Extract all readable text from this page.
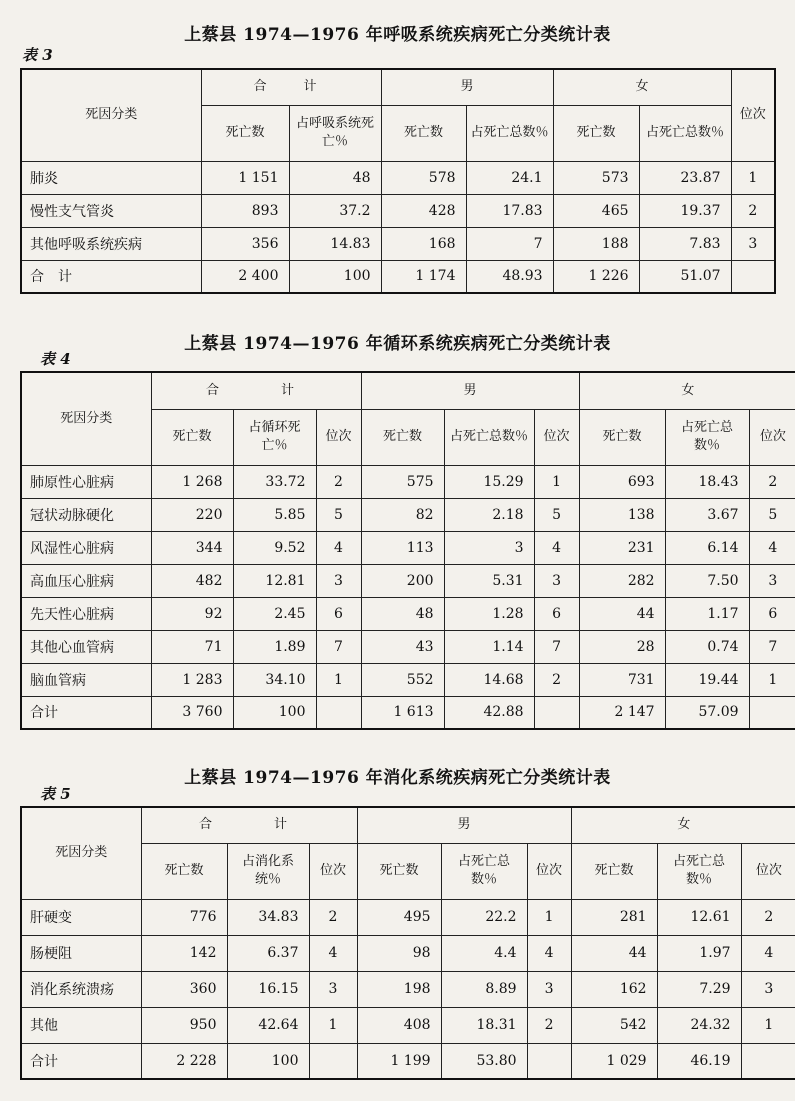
上蔡县 1974—1976 年呼吸系统疾病死亡分类统计表
表 3
死因分类	合　计		男		女		位次
	死亡数	占呼吸系统死亡％	死亡数	占死亡总数％	死亡数	占死亡总数％	
肺炎	1 151	48	578	24.1	573	23.87	1
慢性支气管炎	893	37.2	428	17.83	465	19.37	2
其他呼吸系统疾病	356	14.83	168	7	188	7.83	3
合　计	2 400	100	1 174	48.93	1 226	51.07	
上蔡县 1974—1976 年循环系统疾病死亡分类统计表
表 4
死因分类	合　　计			男			女		
	死亡数	占循环死亡％	位次	死亡数	占死亡总数％	位次	死亡数	占死亡总数％	位次
肺原性心脏病	1 268	33.72	2	575	15.29	1	693	18.43	2
冠状动脉硬化	220	5.85	5	82	2.18	5	138	3.67	5
风湿性心脏病	344	9.52	4	113	3	4	231	6.14	4
高血压心脏病	482	12.81	3	200	5.31	3	282	7.50	3
先天性心脏病	92	2.45	6	48	1.28	6	44	1.17	6
其他心血管病	71	1.89	7	43	1.14	7	28	0.74	7
脑血管病	1 283	34.10	1	552	14.68	2	731	19.44	1
合计	3 760	100		1 613	42.88		2 147	57.09	
上蔡县 1974—1976 年消化系统疾病死亡分类统计表
表 5
死因分类	合　　计			男			女		
	死亡数	占消化系统％	位次	死亡数	占死亡总数％	位次	死亡数	占死亡总数％	位次
肝硬变	776	34.83	2	495	22.2	1	281	12.61	2
肠梗阻	142	6.37	4	98	4.4	4	44	1.97	4
消化系统溃疡	360	16.15	3	198	8.89	3	162	7.29	3
其他	950	42.64	1	408	18.31	2	542	24.32	1
合计	2 228	100		1 199	53.80		1 029	46.19	
